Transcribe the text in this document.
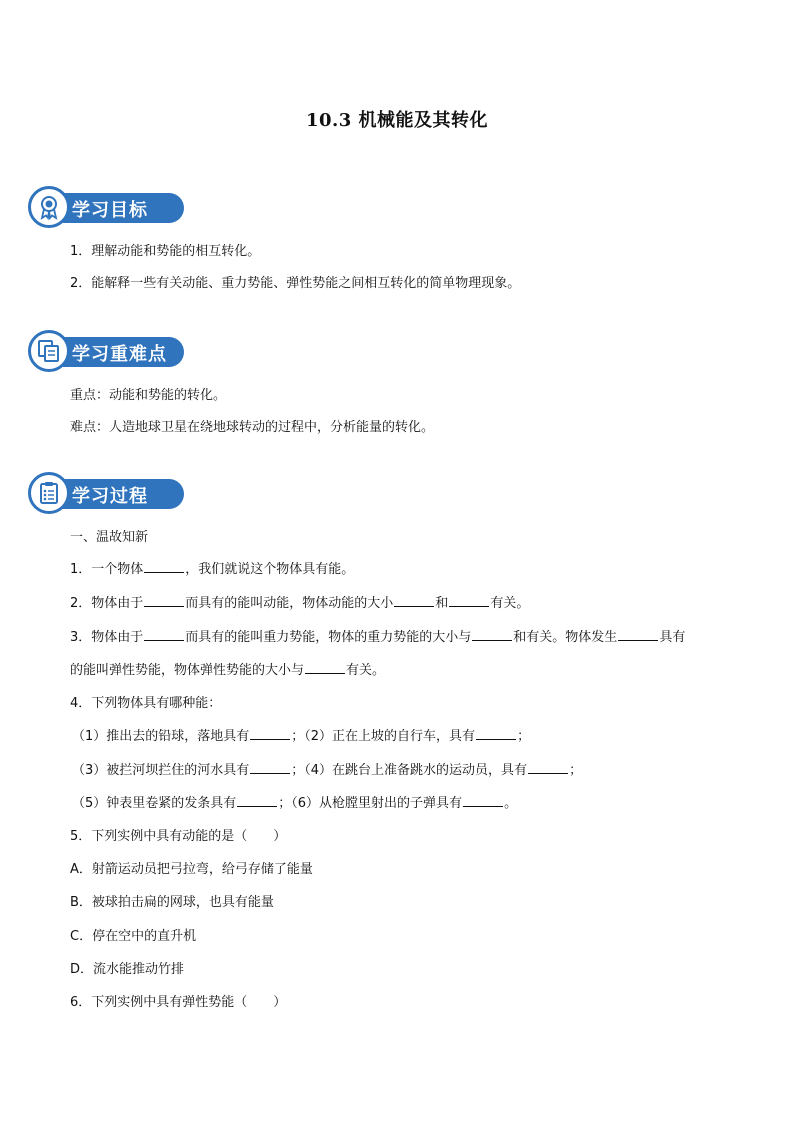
10.3 机械能及其转化
学习目标
1．理解动能和势能的相互转化。
2．能解释一些有关动能、重力势能、弹性势能之间相互转化的简单物理现象。
学习重难点
重点：动能和势能的转化。
难点：人造地球卫星在绕地球转动的过程中，分析能量的转化。
学习过程
一、温故知新
1．一个物体	，我们就说这个物体具有能。
2．物体由于	而具有的能叫动能，物体动能的大小	和	有关。
3．物体由于	而具有的能叫重力势能，物体的重力势能的大小与	和有关。物体发生	具有
的能叫弹性势能，物体弹性势能的大小与	有关。
4．下列物体具有哪种能：
（1）推出去的铅球，落地具有	；（2）正在上坡的自行车，具有	；
（3）被拦河坝拦住的河水具有	；（4）在跳台上准备跳水的运动员，具有	；
（5）钟表里卷紧的发条具有	；（6）从枪膛里射出的子弹具有	。
5．下列实例中具有动能的是（　　）
A．射箭运动员把弓拉弯，给弓存储了能量
B．被球拍击扁的网球，也具有能量
C．停在空中的直升机
D．流水能推动竹排
6．下列实例中具有弹性势能（　　）
